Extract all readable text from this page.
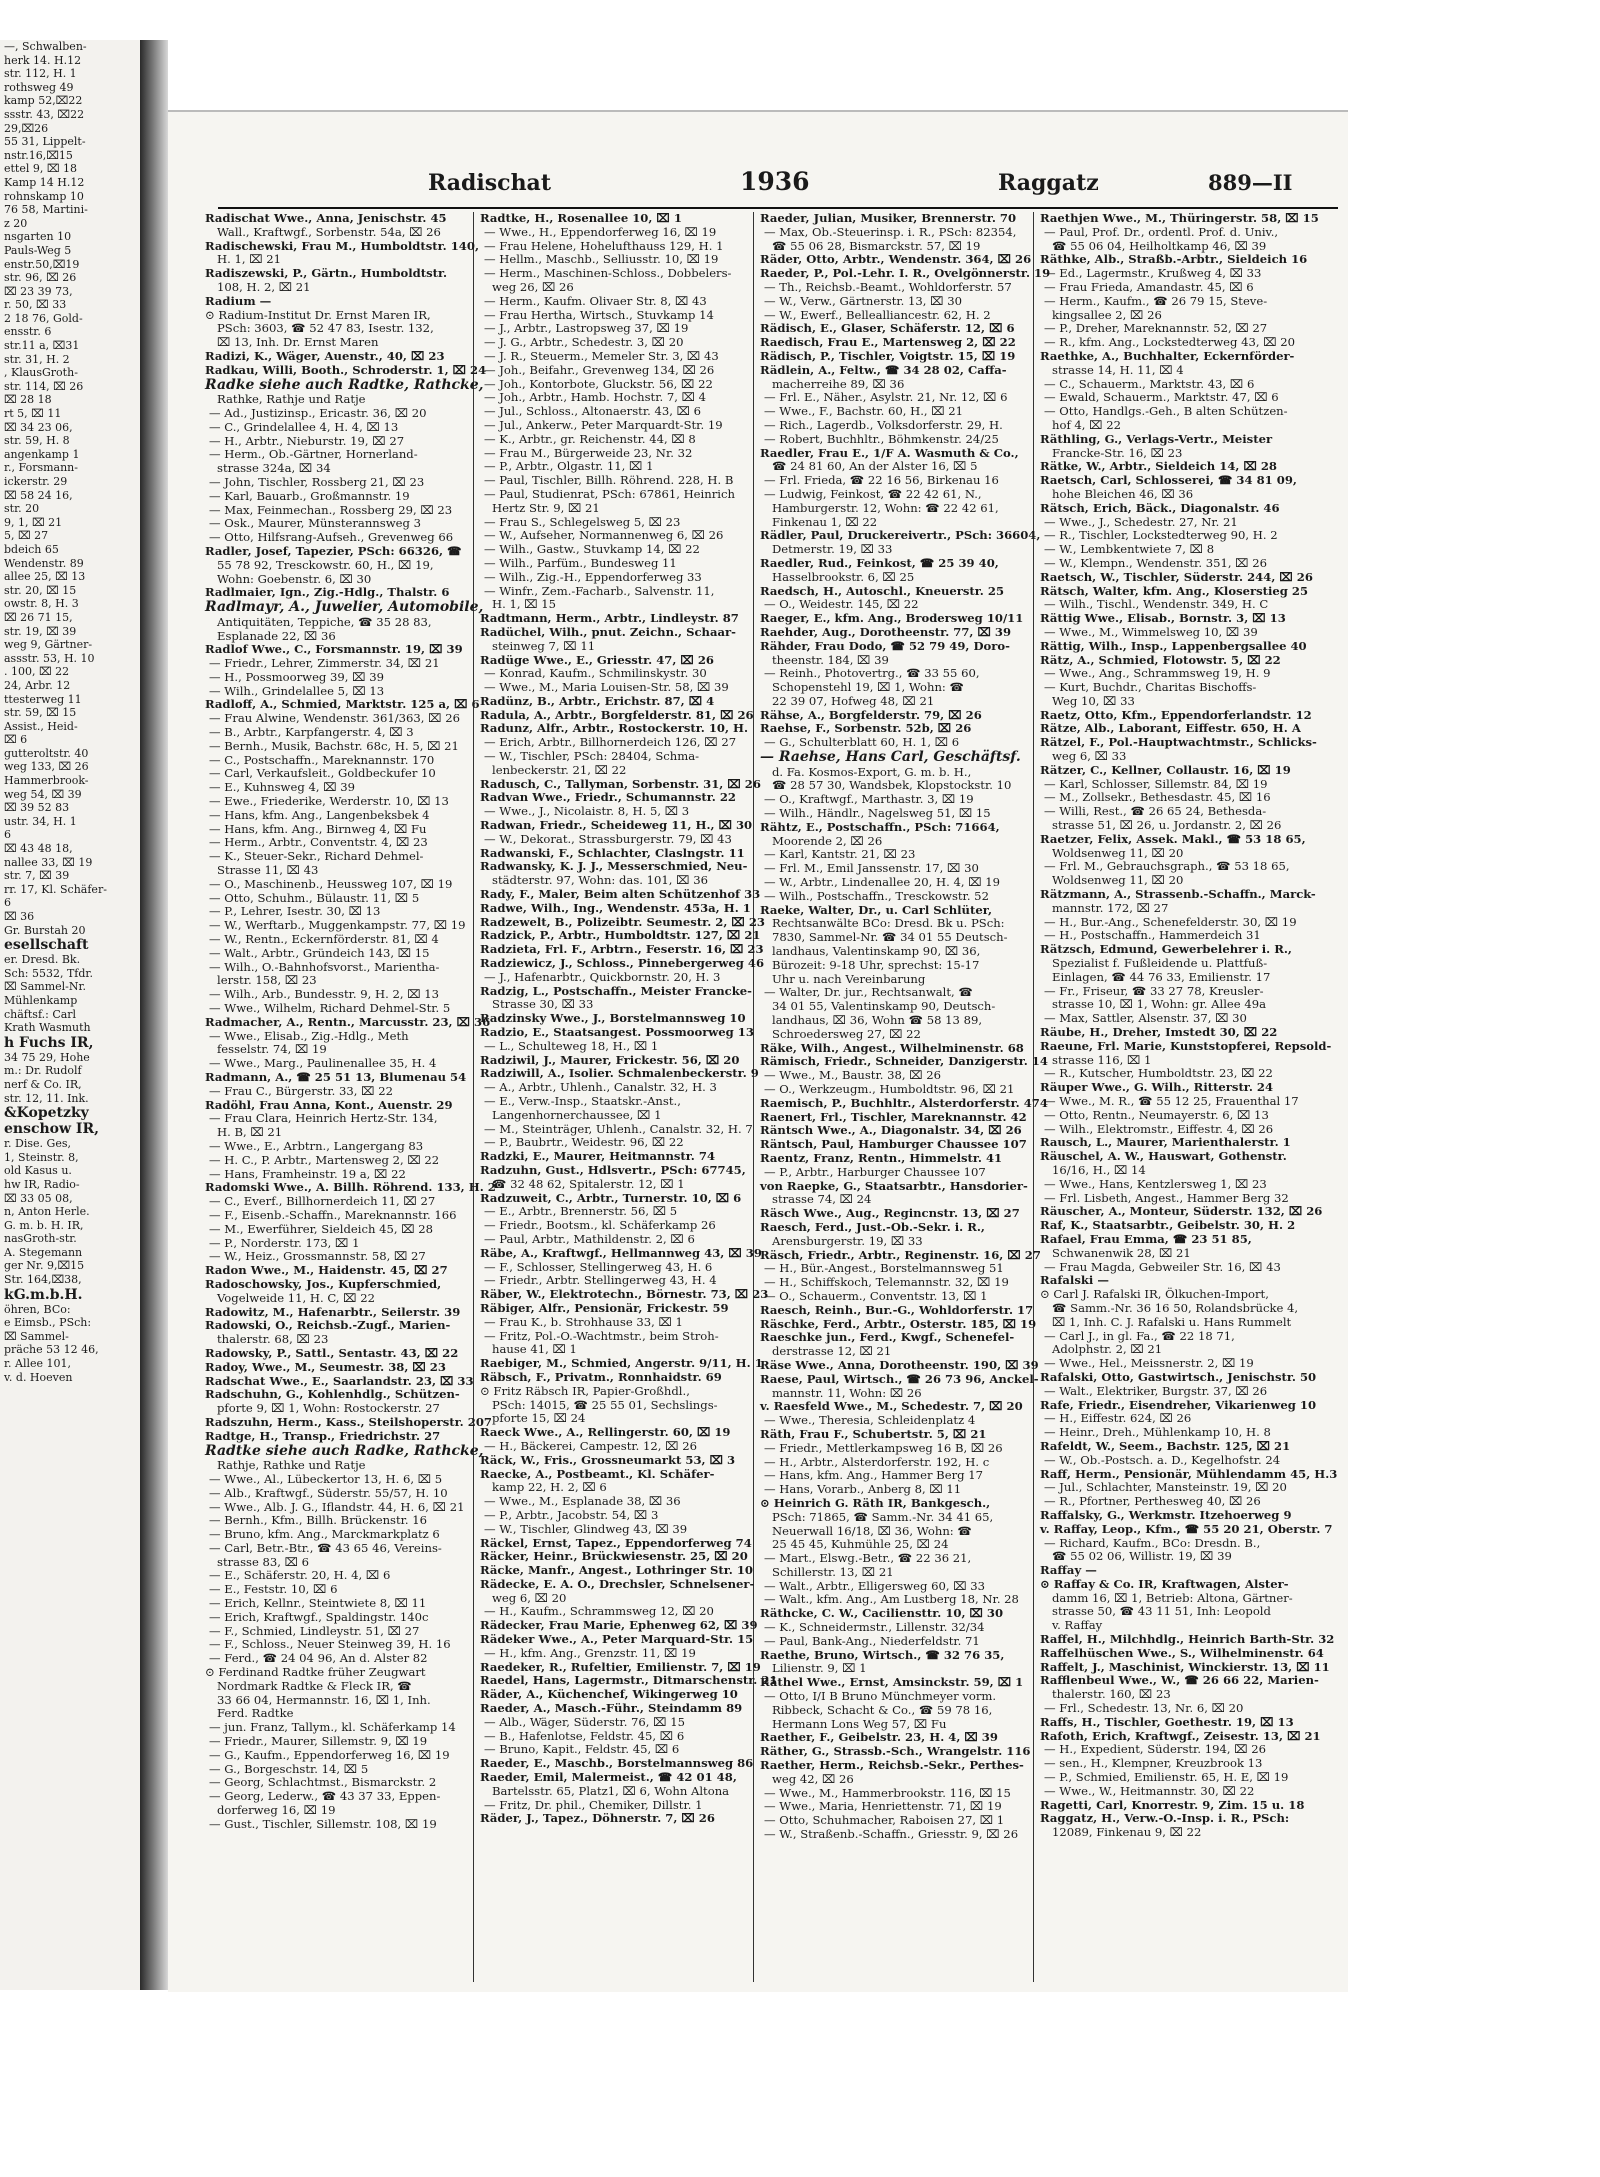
—, Schwalben-
herk 14. H.12
str. 112, H. 1
rothsweg 49
kamp 52,⌧22
ssstr. 43, ⌧22
29,⌧26
55 31, Lippelt-
nstr.16,⌧15
ettel 9, ⌧ 18
Kamp 14 H.12
rohnskamp 10
76 58, Martini-
z 20
nsgarten 10
Pauls-Weg 5
enstr.50,⌧19
str. 96, ⌧ 26
⌧ 23 39 73,
r. 50, ⌧ 33
2 18 76, Gold-
ensstr. 6
str.11 a, ⌧31
str. 31, H. 2
, KlausGroth-
str. 114, ⌧ 26
⌧ 28 18
rt 5, ⌧ 11
⌧ 34 23 06,
str. 59, H. 8
angenkamp 1
r., Forsmann-
ickerstr. 29
⌧ 58 24 16,
str. 20
9, 1, ⌧ 21
5, ⌧ 27
bdeich 65
Wendenstr. 89
allee 25, ⌧ 13
str. 20, ⌧ 15
owstr. 8, H. 3
⌧ 26 71 15,
str. 19, ⌧ 39
weg 9, Gärtner-
assstr. 53, H. 10
. 100, ⌧ 22
24, Arbr. 12
ttesterweg 11
str. 59, ⌧ 15
Assist., Heid-
⌧ 6
gutteroltstr. 40
weg 133, ⌧ 26
Hammerbrook-
weg 54, ⌧ 39
⌧ 39 52 83
ustr. 34, H. 1
6
⌧ 43 48 18,
nallee 33, ⌧ 19
str. 7, ⌧ 39
rr. 17, Kl. Schäfer-
6
⌧ 36
Gr. Burstah 20
esellschaft
er. Dresd. Bk.
Sch: 5532, Tfdr.
⌧ Sammel-Nr.
Mühlenkamp
chäftsf.: Carl
Krath Wasmuth
h Fuchs IR,
34 75 29, Hohe
m.: Dr. Rudolf
nerf & Co. IR,
str. 12, 11. Ink.
&Kopetzky
enschow IR,
r. Dise. Ges,
1, Steinstr. 8,
old Kasus u.
hw IR, Radio-
⌧ 33 05 08,
n, Anton Herle.
G. m. b. H. IR,
nasGroth-str.
A. Stegemann
ger Nr. 9,⌧15
Str. 164,⌧38,
kG.m.b.H.
öhren, BCo:
e Eimsb., PSch:
⌧ Sammel-
präche 53 12 46,
r. Allee 101,
v. d. Hoeven
Radischat	1936	Raggatz	889—II
Radischat Wwe., Anna, Jenischstr. 45
Wall., Kraftwgf., Sorbenstr. 54a, ⌧ 26
Radischewski, Frau M., Humboldtstr. 140,
H. 1, ⌧ 21
Radiszewski, P., Gärtn., Humboldtstr.
108, H. 2, ⌧ 21
Radium —
⊙ Radium-Institut Dr. Ernst Maren IR,
PSch: 3603, ☎ 52 47 83, Isestr. 132,
⌧ 13, Inh. Dr. Ernst Maren
Radizi, K., Wäger, Auenstr., 40, ⌧ 23
Radkau, Willi, Booth., Schroderstr. 1, ⌧ 24
Radke siehe auch Radtke, Rathcke,
Rathke, Rathje und Ratje
— Ad., Justizinsp., Ericastr. 36, ⌧ 20
— C., Grindelallee 4, H. 4, ⌧ 13
— H., Arbtr., Nieburstr. 19, ⌧ 27
— Herm., Ob.-Gärtner, Hornerland-
strasse 324a, ⌧ 34
— John, Tischler, Rossberg 21, ⌧ 23
— Karl, Bauarb., Großmannstr. 19
— Max, Feinmechan., Rossberg 29, ⌧ 23
— Osk., Maurer, Münsterannsweg 3
— Otto, Hilfsrang-Aufseh., Grevenweg 66
Radler, Josef, Tapezier, PSch: 66326, ☎
55 78 92, Tresckowstr. 60, H., ⌧ 19,
Wohn: Goebenstr. 6, ⌧ 30
Radlmaier, Ign., Zig.-Hdlg., Thalstr. 6
Radlmayr, A., Juwelier, Automobile,
Antiquitäten, Teppiche, ☎ 35 28 83,
Esplanade 22, ⌧ 36
Radlof Wwe., C., Forsmannstr. 19, ⌧ 39
— Friedr., Lehrer, Zimmerstr. 34, ⌧ 21
— H., Possmoorweg 39, ⌧ 39
— Wilh., Grindelallee 5, ⌧ 13
Radloff, A., Schmied, Marktstr. 125 a, ⌧ 6
— Frau Alwine, Wendenstr. 361/363, ⌧ 26
— B., Arbtr., Karpfangerstr. 4, ⌧ 3
— Bernh., Musik, Bachstr. 68c, H. 5, ⌧ 21
— C., Postschaffn., Mareknannstr. 170
— Carl, Verkaufsleit., Goldbeckufer 10
— E., Kuhnsweg 4, ⌧ 39
— Ewe., Friederike, Werderstr. 10, ⌧ 13
— Hans, kfm. Ang., Langenbeksbek 4
— Hans, kfm. Ang., Birnweg 4, ⌧ Fu
— Herm., Arbtr., Conventstr. 4, ⌧ 23
— K., Steuer-Sekr., Richard Dehmel-
Strasse 11, ⌧ 43
— O., Maschinenb., Heussweg 107, ⌧ 19
— Otto, Schuhm., Bülaustr. 11, ⌧ 5
— P., Lehrer, Isestr. 30, ⌧ 13
— W., Werftarb., Muggenkampstr. 77, ⌧ 19
— W., Rentn., Eckernförderstr. 81, ⌧ 4
— Walt., Arbtr., Gründeich 143, ⌧ 15
— Wilh., O.-Bahnhofsvorst., Marientha-
lerstr. 158, ⌧ 23
— Wilh., Arb., Bundesstr. 9, H. 2, ⌧ 13
— Wwe., Wilhelm, Richard Dehmel-Str. 5
Radmacher, A., Rentn., Marcusstr. 23, ⌧ 36
— Wwe., Elisab., Zig.-Hdlg., Meth
fesselstr. 74, ⌧ 19
— Wwe., Marg., Paulinenallee 35, H. 4
Radmann, A., ☎ 25 51 13, Blumenau 54
— Frau C., Bürgerstr. 33, ⌧ 22
Radöhl, Frau Anna, Kont., Auenstr. 29
— Frau Clara, Heinrich Hertz-Str. 134,
H. B, ⌧ 21
— Wwe., E., Arbtrn., Langergang 83
— H. C., P. Arbtr., Martensweg 2, ⌧ 22
— Hans, Framheinstr. 19 a, ⌧ 22
Radomski Wwe., A. Billh. Röhrend. 133, H. 2
— C., Everf., Billhornerdeich 11, ⌧ 27
— F., Eisenb.-Schaffn., Mareknannstr. 166
— M., Ewerführer, Sieldeich 45, ⌧ 28
— P., Norderstr. 173, ⌧ 1
— W., Heiz., Grossmannstr. 58, ⌧ 27
Radon Wwe., M., Haidenstr. 45, ⌧ 27
Radoschowsky, Jos., Kupferschmied,
Vogelweide 11, H. C, ⌧ 22
Radowitz, M., Hafenarbtr., Seilerstr. 39
Radowski, O., Reichsb.-Zugf., Marien-
thalerstr. 68, ⌧ 23
Radowsky, P., Sattl., Sentastr. 43, ⌧ 22
Radoy, Wwe., M., Seumestr. 38, ⌧ 23
Radschat Wwe., E., Saarlandstr. 23, ⌧ 33
Radschuhn, G., Kohlenhdlg., Schützen-
pforte 9, ⌧ 1, Wohn: Rostockerstr. 27
Radszuhn, Herm., Kass., Steilshoperstr. 207
Radtge, H., Transp., Friedrichstr. 27
Radtke siehe auch Radke, Rathcke,
Rathje, Rathke und Ratje
— Wwe., Al., Lübeckertor 13, H. 6, ⌧ 5
— Alb., Kraftwgf., Süderstr. 55/57, H. 10
— Wwe., Alb. J. G., Iflandstr. 44, H. 6, ⌧ 21
— Bernh., Kfm., Billh. Brückenstr. 16
— Bruno, kfm. Ang., Marckmarkplatz 6
— Carl, Betr.-Btr., ☎ 43 65 46, Vereins-
strasse 83, ⌧ 6
— E., Schäferstr. 20, H. 4, ⌧ 6
— E., Feststr. 10, ⌧ 6
— Erich, Kellnr., Steintwiete 8, ⌧ 11
— Erich, Kraftwgf., Spaldingstr. 140c
— F., Schmied, Lindleystr. 51, ⌧ 27
— F., Schloss., Neuer Steinweg 39, H. 16
— Ferd., ☎ 24 04 96, An d. Alster 82
⊙ Ferdinand Radtke früher Zeugwart
Nordmark Radtke & Fleck IR, ☎
33 66 04, Hermannstr. 16, ⌧ 1, Inh.
Ferd. Radtke
— jun. Franz, Tallym., kl. Schäferkamp 14
— Friedr., Maurer, Sillemstr. 9, ⌧ 19
— G., Kaufm., Eppendorferweg 16, ⌧ 19
— G., Borgeschstr. 14, ⌧ 5
— Georg, Schlachtmst., Bismarckstr. 2
— Georg, Lederw., ☎ 43 37 33, Eppen-
dorferweg 16, ⌧ 19
— Gust., Tischler, Sillemstr. 108, ⌧ 19
Radtke, H., Rosenallee 10, ⌧ 1
— Wwe., H., Eppendorferweg 16, ⌧ 19
— Frau Helene, Hohelufthauss 129, H. 1
— Hellm., Maschb., Selliusstr. 10, ⌧ 19
— Herm., Maschinen-Schloss., Dobbelers-
weg 26, ⌧ 26
— Herm., Kaufm. Olivaer Str. 8, ⌧ 43
— Frau Hertha, Wirtsch., Stuvkamp 14
— J., Arbtr., Lastropsweg 37, ⌧ 19
— J. G., Arbtr., Schedestr. 3, ⌧ 20
— J. R., Steuerm., Memeler Str. 3, ⌧ 43
— Joh., Beifahr., Grevenweg 134, ⌧ 26
— Joh., Kontorbote, Gluckstr. 56, ⌧ 22
— Joh., Arbtr., Hamb. Hochstr. 7, ⌧ 4
— Jul., Schloss., Altonaerstr. 43, ⌧ 6
— Jul., Ankerw., Peter Marquardt-Str. 19
— K., Arbtr., gr. Reichenstr. 44, ⌧ 8
— Frau M., Bürgerweide 23, Nr. 32
— P., Arbtr., Olgastr. 11, ⌧ 1
— Paul, Tischler, Billh. Röhrend. 228, H. B
— Paul, Studienrat, PSch: 67861, Heinrich
Hertz Str. 9, ⌧ 21
— Frau S., Schlegelsweg 5, ⌧ 23
— W., Aufseher, Normannenweg 6, ⌧ 26
— Wilh., Gastw., Stuvkamp 14, ⌧ 22
— Wilh., Parfüm., Bundesweg 11
— Wilh., Zig.-H., Eppendorferweg 33
— Winfr., Zem.-Facharb., Salvenstr. 11,
H. 1, ⌧ 15
Radtmann, Herm., Arbtr., Lindleystr. 87
Radüchel, Wilh., pnut. Zeichn., Schaar-
steinweg 7, ⌧ 11
Radüge Wwe., E., Griesstr. 47, ⌧ 26
— Konrad, Kaufm., Schmilinskystr. 30
— Wwe., M., Maria Louisen-Str. 58, ⌧ 39
Radünz, B., Arbtr., Erichstr. 87, ⌧ 4
Radula, A., Arbtr., Borgfelderstr. 81, ⌧ 26
Radunz, Alfr., Arbtr., Rostockerstr. 10, H.
— Erich, Arbtr., Billhornerdeich 126, ⌧ 27
— W., Tischler, PSch: 28404, Schma-
lenbeckerstr. 21, ⌧ 22
Radusch, C., Tallyman, Sorbenstr. 31, ⌧ 26
Radvan Wwe., Friedr., Schumannstr. 22
— Wwe., J., Nicolaistr. 8, H. 5, ⌧ 3
Radwan, Friedr., Scheideweg 11, H., ⌧ 30
— W., Dekorat., Strassburgerstr. 79, ⌧ 43
Radwanski, F., Schlachter, Claslngstr. 11
Radwansky, K. J. J., Messerschmied, Neu-
städterstr. 97, Wohn: das. 101, ⌧ 36
Rady, F., Maler, Beim alten Schützenhof 33
Radwe, Wilh., Ing., Wendenstr. 453a, H. 1
Radzewelt, B., Polizeibtr. Seumestr. 2, ⌧ 23
Radzick, P., Arbtr., Humboldtstr. 127, ⌧ 21
Radzieta, Frl. F., Arbtrn., Feserstr. 16, ⌧ 23
Radziewicz, J., Schloss., Pinnebergerweg 46
— J., Hafenarbtr., Quickbornstr. 20, H. 3
Radzig, L., Postschaffn., Meister Francke-
Strasse 30, ⌧ 33
Radzinsky Wwe., J., Borstelmannsweg 10
Radzio, E., Staatsangest. Possmoorweg 13
— L., Schulteweg 18, H., ⌧ 1
Radziwil, J., Maurer, Frickestr. 56, ⌧ 20
Radziwill, A., Isolier. Schmalenbeckerstr. 9
— A., Arbtr., Uhlenh., Canalstr. 32, H. 3
— E., Verw.-Insp., Staatskr.-Anst.,
Langenhornerchaussee, ⌧ 1
— M., Steinträger, Uhlenh., Canalstr. 32, H. 7
— P., Baubrtr., Weidestr. 96, ⌧ 22
Radzki, E., Maurer, Heitmannstr. 74
Radzuhn, Gust., Hdlsvertr., PSch: 67745,
☎ 32 48 62, Spitalerstr. 12, ⌧ 1
Radzuweit, C., Arbtr., Turnerstr. 10, ⌧ 6
— E., Arbtr., Brennerstr. 56, ⌧ 5
— Friedr., Bootsm., kl. Schäferkamp 26
— Paul, Arbtr., Mathildenstr. 2, ⌧ 6
Räbe, A., Kraftwgf., Hellmannweg 43, ⌧ 39
— F., Schlosser, Stellingerweg 43, H. 6
— Friedr., Arbtr. Stellingerweg 43, H. 4
Räber, W., Elektrotechn., Börnestr. 73, ⌧ 23
Räbiger, Alfr., Pensionär, Frickestr. 59
— Frau K., b. Strohhause 33, ⌧ 1
— Fritz, Pol.-O.-Wachtmstr., beim Stroh-
hause 41, ⌧ 1
Raebiger, M., Schmied, Angerstr. 9/11, H. 1
Räbsch, F., Privatm., Ronnhaidstr. 69
⊙ Fritz Räbsch IR, Papier-Großhdl.,
PSch: 14015, ☎ 25 55 01, Sechslings-
pforte 15, ⌧ 24
Raeck Wwe., A., Rellingerstr. 60, ⌧ 19
— H., Bäckerei, Campestr. 12, ⌧ 26
Räck, W., Fris., Grossneumarkt 53, ⌧ 3
Raecke, A., Postbeamt., Kl. Schäfer-
kamp 22, H. 2, ⌧ 6
— Wwe., M., Esplanade 38, ⌧ 36
— P., Arbtr., Jacobstr. 54, ⌧ 3
— W., Tischler, Glindweg 43, ⌧ 39
Räckel, Ernst, Tapez., Eppendorferweg 74
Räcker, Heinr., Brückwiesenstr. 25, ⌧ 20
Räcke, Manfr., Angest., Lothringer Str. 10
Rädecke, E. A. O., Drechsler, Schnelsener-
weg 6, ⌧ 20
— H., Kaufm., Schrammsweg 12, ⌧ 20
Rädecker, Frau Marie, Ephenweg 62, ⌧ 39
Rädeker Wwe., A., Peter Marquard-Str. 15
— H., kfm. Ang., Grenzstr. 11, ⌧ 19
Raedeker, R., Rufeltier, Emilienstr. 7, ⌧ 19
Raedel, Hans, Lagermstr., Ditmarschenstr. 21
Räder, A., Küchenchef, Wikingerweg 10
Raeder, A., Masch.-Führ., Steindamm 89
— Alb., Wäger, Süderstr. 76, ⌧ 15
— B., Hafenlotse, Feldstr. 45, ⌧ 6
— Bruno, Kapit., Feldstr. 45, ⌧ 6
Raeder, E., Maschb., Borstelmannsweg 86
Raeder, Emil, Malermeist., ☎ 42 01 48,
Bartelsstr. 65, Platz1, ⌧ 6, Wohn Altona
— Fritz, Dr. phil., Chemiker, Dillstr. 1
Räder, J., Tapez., Döhnerstr. 7, ⌧ 26
Raeder, Julian, Musiker, Brennerstr. 70
— Max, Ob.-Steuerinsp. i. R., PSch: 82354,
☎ 55 06 28, Bismarckstr. 57, ⌧ 19
Räder, Otto, Arbtr., Wendenstr. 364, ⌧ 26
Raeder, P., Pol.-Lehr. I. R., Ovelgönnerstr. 19
— Th., Reichsb.-Beamt., Wohldorferstr. 57
— W., Verw., Gärtnerstr. 13, ⌧ 30
— W., Ewerf., Bellealliancestr. 62, H. 2
Rädisch, E., Glaser, Schäferstr. 12, ⌧ 6
Raedisch, Frau E., Martensweg 2, ⌧ 22
Rädisch, P., Tischler, Voigtstr. 15, ⌧ 19
Rädlein, A., Feltw., ☎ 34 28 02, Caffa-
macherreihe 89, ⌧ 36
— Frl. E., Näher., Asylstr. 21, Nr. 12, ⌧ 6
— Wwe., F., Bachstr. 60, H., ⌧ 21
— Rich., Lagerdb., Volksdorferstr. 29, H.
— Robert, Buchhltr., Böhmkenstr. 24/25
Raedler, Frau E., 1/F A. Wasmuth & Co.,
☎ 24 81 60, An der Alster 16, ⌧ 5
— Frl. Frieda, ☎ 22 16 56, Birkenau 16
— Ludwig, Feinkost, ☎ 22 42 61, N.,
Hamburgerstr. 12, Wohn: ☎ 22 42 61,
Finkenau 1, ⌧ 22
Rädler, Paul, Druckereivertr., PSch: 36604,
Detmerstr. 19, ⌧ 33
Raedler, Rud., Feinkost, ☎ 25 39 40,
Hasselbrookstr. 6, ⌧ 25
Raedsch, H., Autoschl., Kneuerstr. 25
— O., Weidestr. 145, ⌧ 22
Raeger, E., kfm. Ang., Brodersweg 10/11
Raehder, Aug., Dorotheenstr. 77, ⌧ 39
Rähder, Frau Dodo, ☎ 52 79 49, Doro-
theenstr. 184, ⌧ 39
— Reinh., Photovertrg., ☎ 33 55 60,
Schopenstehl 19, ⌧ 1, Wohn: ☎
22 39 07, Hofweg 48, ⌧ 21
Rähse, A., Borgfelderstr. 79, ⌧ 26
Raehse, F., Sorbenstr. 52b, ⌧ 26
— G., Schulterblatt 60, H. 1, ⌧ 6
— Raehse, Hans Carl, Geschäftsf.
d. Fa. Kosmos-Export, G. m. b. H.,
☎ 28 57 30, Wandsbek, Klopstockstr. 10
— O., Kraftwgf., Marthastr. 3, ⌧ 19
— Wilh., Händlr., Nagelsweg 51, ⌧ 15
Rähtz, E., Postschaffn., PSch: 71664,
Moorende 2, ⌧ 26
— Karl, Kantstr. 21, ⌧ 23
— Frl. M., Emil Janssenstr. 17, ⌧ 30
— W., Arbtr., Lindenallee 20, H. 4, ⌧ 19
— Wilh., Postschaffn., Tresckowstr. 52
Raeke, Walter, Dr., u. Carl Schlüter,
Rechtsanwälte BCo: Dresd. Bk u. PSch:
7830, Sammel-Nr. ☎ 34 01 55 Deutsch-
landhaus, Valentinskamp 90, ⌧ 36,
Bürozeit: 9-18 Uhr, sprechst: 15-17
Uhr u. nach Vereinbarung
— Walter, Dr. jur., Rechtsanwalt, ☎
34 01 55, Valentinskamp 90, Deutsch-
landhaus, ⌧ 36, Wohn ☎ 58 13 89,
Schroedersweg 27, ⌧ 22
Räke, Wilh., Angest., Wilhelminenstr. 68
Rämisch, Friedr., Schneider, Danzigerstr. 14
— Wwe., M., Baustr. 38, ⌧ 26
— O., Werkzeugm., Humboldtstr. 96, ⌧ 21
Raemisch, P., Buchhltr., Alsterdorferstr. 474
Raenert, Frl., Tischler, Mareknannstr. 42
Räntsch Wwe., A., Diagonalstr. 34, ⌧ 26
Räntsch, Paul, Hamburger Chaussee 107
Raentz, Franz, Rentn., Himmelstr. 41
— P., Arbtr., Harburger Chaussee 107
von Raepke, G., Staatsarbtr., Hansdorier-
strasse 74, ⌧ 24
Räsch Wwe., Aug., Regincnstr. 13, ⌧ 27
Raesch, Ferd., Just.-Ob.-Sekr. i. R.,
Arensburgerstr. 19, ⌧ 33
Räsch, Friedr., Arbtr., Reginenstr. 16, ⌧ 27
— H., Bür.-Angest., Borstelmannsweg 51
— H., Schiffskoch, Telemannstr. 32, ⌧ 19
— O., Schauerm., Conventstr. 13, ⌧ 1
Raesch, Reinh., Bur.-G., Wohldorferstr. 17
Räschke, Ferd., Arbtr., Osterstr. 185, ⌧ 19
Raeschke jun., Ferd., Kwgf., Schenefel-
derstrasse 12, ⌧ 21
Räse Wwe., Anna, Dorotheenstr. 190, ⌧ 39
Raese, Paul, Wirtsch., ☎ 26 73 96, Anckel-
mannstr. 11, Wohn: ⌧ 26
v. Raesfeld Wwe., M., Schedestr. 7, ⌧ 20
— Wwe., Theresia, Schleidenplatz 4
Räth, Frau F., Schubertstr. 5, ⌧ 21
— Friedr., Mettlerkampsweg 16 B, ⌧ 26
— H., Arbtr., Alsterdorferstr. 192, H. c
— Hans, kfm. Ang., Hammer Berg 17
— Hans, Vorarb., Anberg 8, ⌧ 11
⊙ Heinrich G. Räth IR, Bankgesch.,
PSch: 71865, ☎ Samm.-Nr. 34 41 65,
Neuerwall 16/18, ⌧ 36, Wohn: ☎
25 45 45, Kuhmühle 25, ⌧ 24
— Mart., Elswg.-Betr., ☎ 22 36 21,
Schillerstr. 13, ⌧ 21
— Walt., Arbtr., Elligersweg 60, ⌧ 33
— Walt., kfm. Ang., Am Lustberg 18, Nr. 28
Räthcke, C. W., Caciliensttr. 10, ⌧ 30
— K., Schneidermstr., Lillenstr. 32/34
— Paul, Bank-Ang., Niederfeldstr. 71
Raethe, Bruno, Wirtsch., ☎ 32 76 35,
Lilienstr. 9, ⌧ 1
Räthel Wwe., Ernst, Amsinckstr. 59, ⌧ 1
— Otto, I/I B Bruno Münchmeyer vorm.
Ribbeck, Schacht & Co., ☎ 59 78 16,
Hermann Lons Weg 57, ⌧ Fu
Raether, F., Geibelstr. 23, H. 4, ⌧ 39
Räther, G., Strassb.-Sch., Wrangelstr. 116
Raether, Herm., Reichsb.-Sekr., Perthes-
weg 42, ⌧ 26
— Wwe., M., Hammerbrookstr. 116, ⌧ 15
— Wwe., Maria, Henriettenstr. 71, ⌧ 19
— Otto, Schuhmacher, Raboisen 27, ⌧ 1
— W., Straßenb.-Schaffn., Griesstr. 9, ⌧ 26
Raethjen Wwe., M., Thüringerstr. 58, ⌧ 15
— Paul, Prof. Dr., ordentl. Prof. d. Univ.,
☎ 55 06 04, Heilholtkamp 46, ⌧ 39
Räthke, Alb., Straßb.-Arbtr., Sieldeich 16
— Ed., Lagermstr., Krußweg 4, ⌧ 33
— Frau Frieda, Amandastr. 45, ⌧ 6
— Herm., Kaufm., ☎ 26 79 15, Steve-
kingsallee 2, ⌧ 26
— P., Dreher, Mareknannstr. 52, ⌧ 27
— R., kfm. Ang., Lockstedterweg 43, ⌧ 20
Raethke, A., Buchhalter, Eckernförder-
strasse 14, H. 11, ⌧ 4
— C., Schauerm., Marktstr. 43, ⌧ 6
— Ewald, Schauerm., Marktstr. 47, ⌧ 6
— Otto, Handlgs.-Geh., B alten Schützen-
hof 4, ⌧ 22
Räthling, G., Verlags-Vertr., Meister
Francke-Str. 16, ⌧ 23
Rätke, W., Arbtr., Sieldeich 14, ⌧ 28
Raetsch, Carl, Schlosserei, ☎ 34 81 09,
hohe Bleichen 46, ⌧ 36
Rätsch, Erich, Bäck., Diagonalstr. 46
— Wwe., J., Schedestr. 27, Nr. 21
— R., Tischler, Lockstedterweg 90, H. 2
— W., Lembkentwiete 7, ⌧ 8
— W., Klempn., Wendenstr. 351, ⌧ 26
Raetsch, W., Tischler, Süderstr. 244, ⌧ 26
Rätsch, Walter, kfm. Ang., Kloserstieg 25
— Wilh., Tischl., Wendenstr. 349, H. C
Rättig Wwe., Elisab., Bornstr. 3, ⌧ 13
— Wwe., M., Wimmelsweg 10, ⌧ 39
Rättig, Wilh., Insp., Lappenbergsallee 40
Rätz, A., Schmied, Flotowstr. 5, ⌧ 22
— Wwe., Ang., Schrammsweg 19, H. 9
— Kurt, Buchdr., Charitas Bischoffs-
Weg 10, ⌧ 33
Raetz, Otto, Kfm., Eppendorferlandstr. 12
Rätze, Alb., Laborant, Eiffestr. 650, H. A
Rätzel, F., Pol.-Hauptwachtmstr., Schlicks-
weg 6, ⌧ 33
Rätzer, C., Kellner, Collaustr. 16, ⌧ 19
— Karl, Schlosser, Sillemstr. 84, ⌧ 19
— M., Zollsekr., Bethesdastr. 45, ⌧ 16
— Willi, Rest., ☎ 26 65 24, Bethesda-
strasse 51, ⌧ 26, u. Jordanstr. 2, ⌧ 26
Raetzer, Felix, Assek. Makl., ☎ 53 18 65,
Woldsenweg 11, ⌧ 20
— Frl. M., Gebrauchsgraph., ☎ 53 18 65,
Woldsenweg 11, ⌧ 20
Rätzmann, A., Strassenb.-Schaffn., Marck-
mannstr. 172, ⌧ 27
— H., Bur.-Ang., Schenefelderstr. 30, ⌧ 19
— H., Postschaffn., Hammerdeich 31
Rätzsch, Edmund, Gewerbelehrer i. R.,
Spezialist f. Fußleidende u. Plattfuß-
Einlagen, ☎ 44 76 33, Emilienstr. 17
— Fr., Friseur, ☎ 33 27 78, Kreusler-
strasse 10, ⌧ 1, Wohn: gr. Allee 49a
— Max, Sattler, Alsenstr. 37, ⌧ 30
Räube, H., Dreher, Imstedt 30, ⌧ 22
Raeune, Frl. Marie, Kunststopferei, Repsold-
strasse 116, ⌧ 1
— R., Kutscher, Humboldtstr. 23, ⌧ 22
Räuper Wwe., G. Wilh., Ritterstr. 24
— Wwe., M. R., ☎ 55 12 25, Frauenthal 17
— Otto, Rentn., Neumayerstr. 6, ⌧ 13
— Wilh., Elektromstr., Eiffestr. 4, ⌧ 26
Rausch, L., Maurer, Marienthalerstr. 1
Räuschel, A. W., Hauswart, Gothenstr.
16/16, H., ⌧ 14
— Wwe., Hans, Kentzlersweg 1, ⌧ 23
— Frl. Lisbeth, Angest., Hammer Berg 32
Räuscher, A., Monteur, Süderstr. 132, ⌧ 26
Raf, K., Staatsarbtr., Geibelstr. 30, H. 2
Rafael, Frau Emma, ☎ 23 51 85,
Schwanenwik 28, ⌧ 21
— Frau Magda, Gebweiler Str. 16, ⌧ 43
Rafalski —
⊙ Carl J. Rafalski IR, Ölkuchen-Import,
☎ Samm.-Nr. 36 16 50, Rolandsbrücke 4,
⌧ 1, Inh. C. J. Rafalski u. Hans Rummelt
— Carl J., in gl. Fa., ☎ 22 18 71,
Adolphstr. 2, ⌧ 21
— Wwe., Hel., Meissnerstr. 2, ⌧ 19
Rafalski, Otto, Gastwirtsch., Jenischstr. 50
— Walt., Elektriker, Burgstr. 37, ⌧ 26
Rafe, Friedr., Eisendreher, Vikarienweg 10
— H., Eiffestr. 624, ⌧ 26
— Heinr., Dreh., Mühlenkamp 10, H. 8
Rafeldt, W., Seem., Bachstr. 125, ⌧ 21
— W., Ob.-Postsch. a. D., Kegelhofstr. 24
Raff, Herm., Pensionär, Mühlendamm 45, H.3
— Jul., Schlachter, Mansteinstr. 19, ⌧ 20
— R., Pfortner, Perthesweg 40, ⌧ 26
Raffalsky, G., Werkmstr. Itzehoerweg 9
v. Raffay, Leop., Kfm., ☎ 55 20 21, Oberstr. 7
— Richard, Kaufm., BCo: Dresdn. B.,
☎ 55 02 06, Willistr. 19, ⌧ 39
Raffay —
⊙ Raffay & Co. IR, Kraftwagen, Alster-
damm 16, ⌧ 1, Betrieb: Altona, Gärtner-
strasse 50, ☎ 43 11 51, Inh: Leopold
v. Raffay
Raffel, H., Milchhdlg., Heinrich Barth-Str. 32
Raffelhüschen Wwe., S., Wilhelminenstr. 64
Raffelt, J., Maschinist, Winckierstr. 13, ⌧ 11
Rafflenbeul Wwe., W., ☎ 26 66 22, Marien-
thalerstr. 160, ⌧ 23
— Frl., Schedestr. 13, Nr. 6, ⌧ 20
Raffs, H., Tischler, Goethestr. 19, ⌧ 13
Rafoth, Erich, Kraftwgf., Zeisestr. 13, ⌧ 21
— H., Expedient, Süderstr. 194, ⌧ 26
— sen., H., Klempner, Kreuzbrook 13
— P., Schmied, Emilienstr. 65, H. E, ⌧ 19
— Wwe., W., Heitmannstr. 30, ⌧ 22
Ragetti, Carl, Knorrestr. 9, Zim. 15 u. 18
Raggatz, H., Verw.-O.-Insp. i. R., PSch:
12089, Finkenau 9, ⌧ 22
